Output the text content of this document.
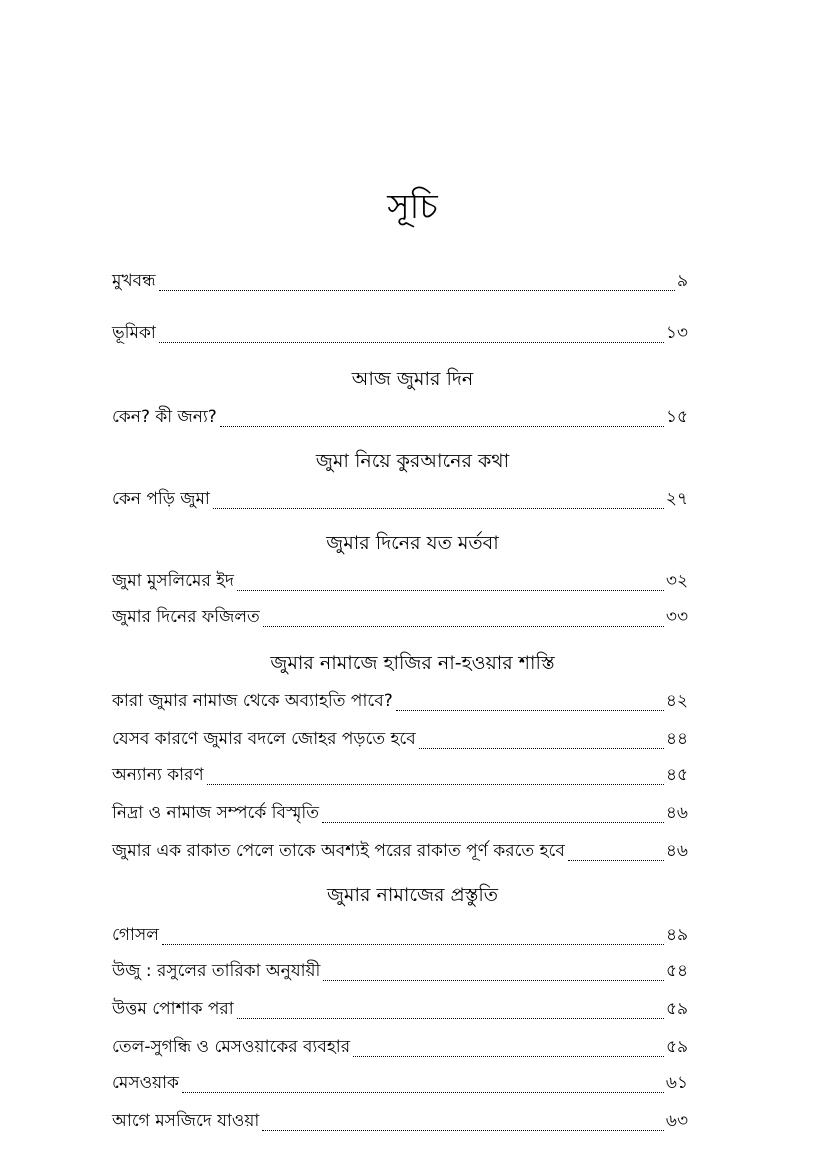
সূচি
মুখবন্ধ	৯
ভূমিকা	১৩
আজ জুমার দিন
কেন? কী জন্য?	১৫
জুমা নিয়ে কুরআনের কথা
কেন পড়ি জুমা	২৭
জুমার দিনের যত মর্তবা
জুমা মুসলিমের ইদ	৩২
জুমার দিনের ফজিলত	৩৩
জুমার নামাজে হাজির না-হওয়ার শাস্তি
কারা জুমার নামাজ থেকে অব্যাহতি পাবে?	৪২
যেসব কারণে জুমার বদলে জোহর পড়তে হবে	৪৪
অন্যান্য কারণ	৪৫
নিদ্রা ও নামাজ সম্পর্কে বিস্মৃতি	৪৬
জুমার এক রাকাত পেলে তাকে অবশ্যই পরের রাকাত পূর্ণ করতে হবে	৪৬
জুমার নামাজের প্রস্তুতি
গোসল	৪৯
উজু : রসুলের তারিকা অনুযায়ী	৫৪
উত্তম পোশাক পরা	৫৯
তেল-সুগন্ধি ও মেসওয়াকের ব্যবহার	৫৯
মেসওয়াক	৬১
আগে মসজিদে যাওয়া	৬৩
